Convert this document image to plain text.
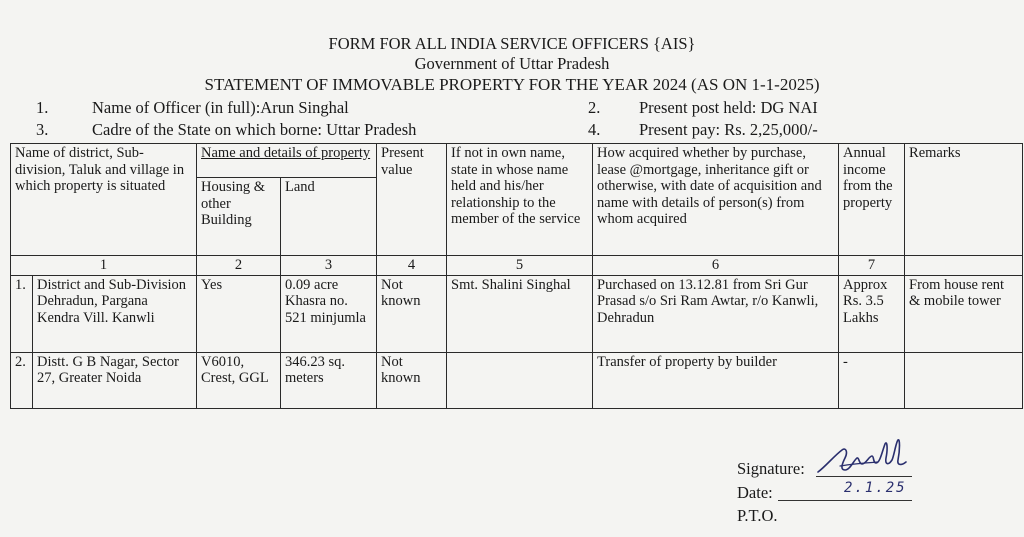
FORM FOR ALL INDIA SERVICE OFFICERS {AIS}
Government of Uttar Pradesh
STATEMENT OF IMMOVABLE PROPERTY FOR THE YEAR 2024 (AS ON 1-1-2025)
1.	Name of Officer (in full):Arun Singhal	2. Present post held: DG NAI
3.	Cadre of the State on which borne: Uttar Pradesh	4. Present pay: Rs. 2,25,000/-
Name of district, Sub-division, Taluk and village in which property is situated		Name and details of property		Present value	If not in own name, state in whose name held and his/her relationship to the member of the service	How acquired whether by purchase, lease @mortgage, inheritance gift or otherwise, with date of acquisition and name with details of person(s) from whom acquired	Annual income from the property	Remarks
		Housing & other Building	Land					
1		2	3	4	5	6	7	
1.	District and Sub-Division Dehradun, Pargana Kendra Vill. Kanwli	Yes	0.09 acre Khasra no. 521 minjumla	Not known	Smt. Shalini Singhal	Purchased on 13.12.81 from Sri Gur Prasad s/o Sri Ram Awtar, r/o Kanwli, Dehradun	Approx Rs. 3.5 Lakhs	From house rent & mobile tower
2.	Distt. G B Nagar, Sector 27, Greater Noida	V6010, Crest, GGL	346.23 sq. meters	Not known		Transfer of property by builder	-	
Signature:
Date:	2.1.25
P.T.O.
